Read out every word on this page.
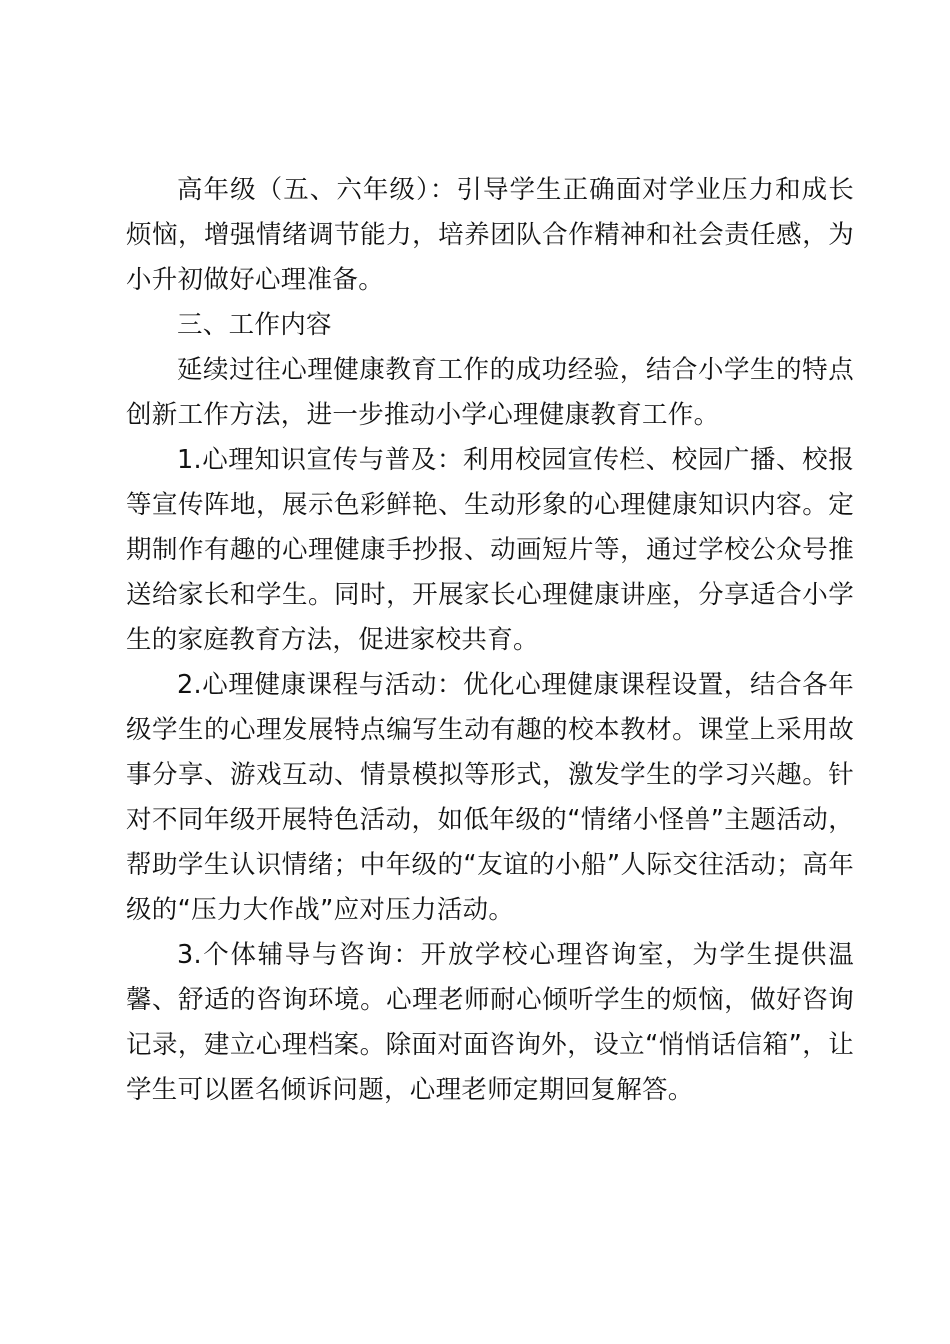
高年级（五、六年级）：引导学生正确面对学业压力和成长烦恼，增强情绪调节能力，培养团队合作精神和社会责任感，为小升初做好心理准备。

三、工作内容

延续过往心理健康教育工作的成功经验，结合小学生的特点创新工作方法，进一步推动小学心理健康教育工作。

1.心理知识宣传与普及：利用校园宣传栏、校园广播、校报等宣传阵地，展示色彩鲜艳、生动形象的心理健康知识内容。定期制作有趣的心理健康手抄报、动画短片等，通过学校公众号推送给家长和学生。同时，开展家长心理健康讲座，分享适合小学生的家庭教育方法，促进家校共育。

2.心理健康课程与活动：优化心理健康课程设置，结合各年级学生的心理发展特点编写生动有趣的校本教材。课堂上采用故事分享、游戏互动、情景模拟等形式，激发学生的学习兴趣。针对不同年级开展特色活动，如低年级的“情绪小怪兽”主题活动，帮助学生认识情绪；中年级的“友谊的小船”人际交往活动；高年级的“压力大作战”应对压力活动。

3.个体辅导与咨询：开放学校心理咨询室，为学生提供温馨、舒适的咨询环境。心理老师耐心倾听学生的烦恼，做好咨询记录，建立心理档案。除面对面咨询外，设立“悄悄话信箱”，让学生可以匿名倾诉问题，心理老师定期回复解答。
